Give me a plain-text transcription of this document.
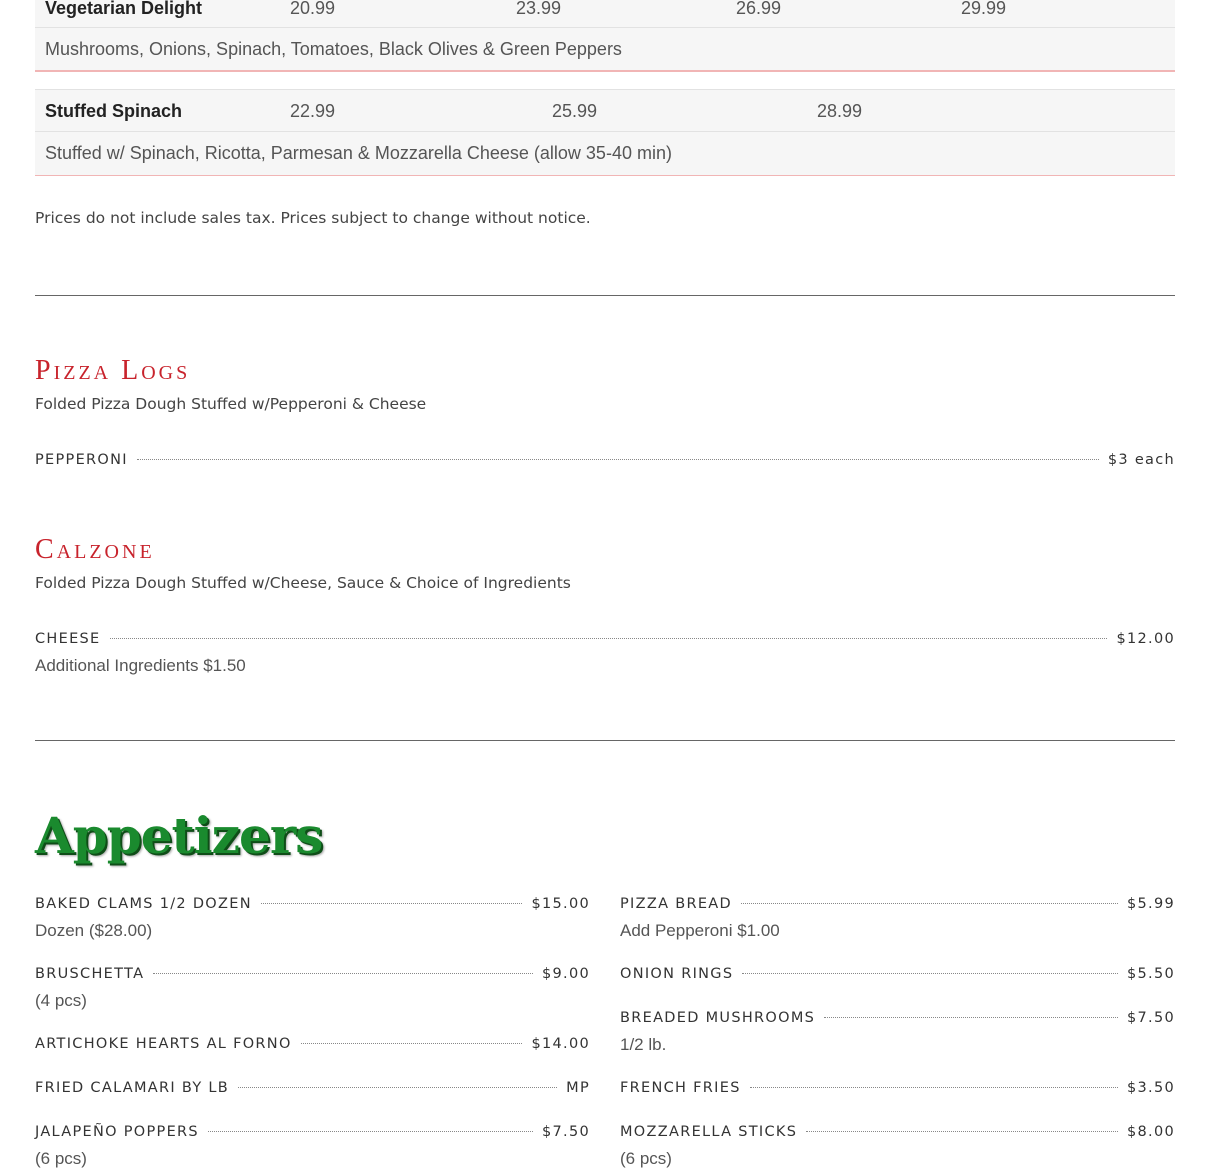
Vegetarian Delight	20.99	23.99	26.99	29.99
Mushrooms, Onions, Spinach, Tomatoes, Black Olives & Green Peppers
Stuffed Spinach	22.99	25.99	28.99
Stuffed w/ Spinach, Ricotta, Parmesan & Mozzarella Cheese (allow 35-40 min)
Prices do not include sales tax. Prices subject to change without notice.
Pizza Logs
Folded Pizza Dough Stuffed w/Pepperoni & Cheese
PEPPERONI	$3 each
Calzone
Folded Pizza Dough Stuffed w/Cheese, Sauce & Choice of Ingredients
CHEESE	$12.00
Additional Ingredients $1.50
Appetizers
BAKED CLAMS 1/2 DOZEN	$15.00
Dozen ($28.00)
BRUSCHETTA	$9.00
(4 pcs)
ARTICHOKE HEARTS AL FORNO	$14.00
FRIED CALAMARI BY LB	MP
JALAPEÑO POPPERS	$7.50
(6 pcs)
PIZZA BREAD	$5.99
Add Pepperoni $1.00
ONION RINGS	$5.50
BREADED MUSHROOMS	$7.50
1/2 lb.
FRENCH FRIES	$3.50
MOZZARELLA STICKS	$8.00
(6 pcs)
